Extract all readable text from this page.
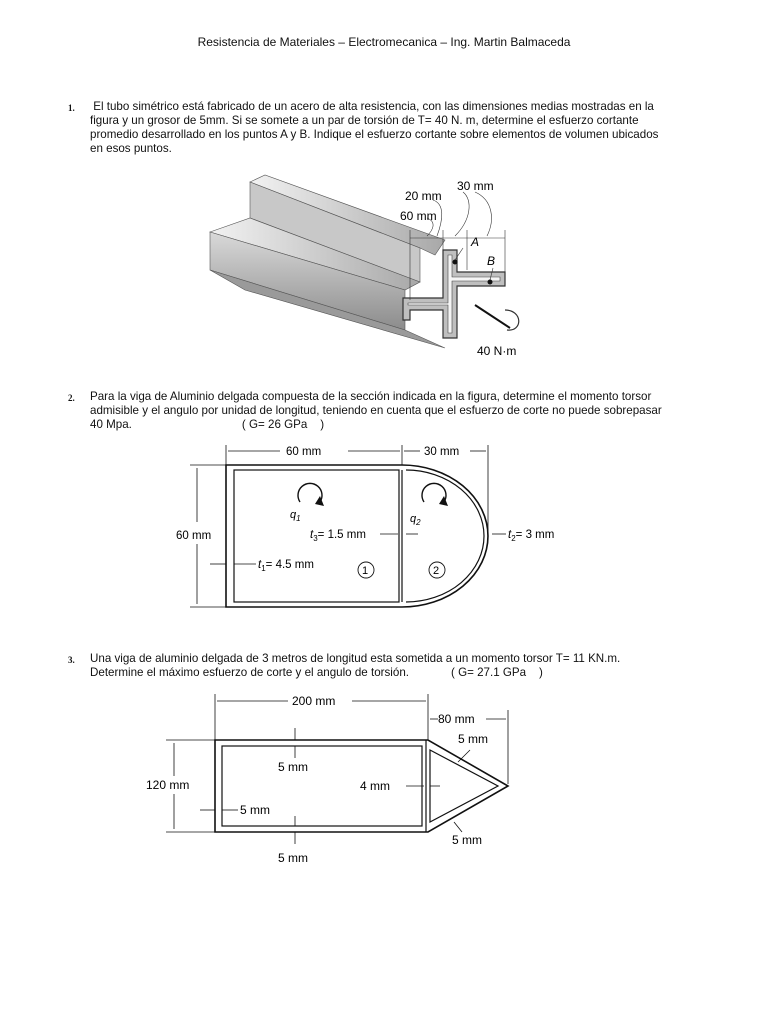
Resistencia de Materiales – Electromecanica – Ing. Martin Balmaceda
1. El tubo simétrico está fabricado de un acero de alta resistencia, con las dimensiones medias mostradas en la

figura y un grosor de 5mm. Si se somete a un par de torsión de T= 40 N. m, determine el esfuerzo cortante

promedio desarrollado en los puntos A y B. Indique el esfuerzo cortante sobre elementos de volumen ubicados

en esos puntos.

30 mm
20 mm
60 mm
A
B
40 N·m
2. Para la viga de Aluminio delgada compuesta de la sección indicada en la figura, determine el momento torsor

admisible y el angulo por unidad de longitud, teniendo en cuenta que el esfuerzo de corte no puede sobrepasar

40 Mpa.	( G= 26 GPa    )

60 mm	30 mm
60 mm
$q_1$	$q_2$
$t_3= 1.5$ mm	$t_2= 3$ mm
$t_1= 4.5$ mm	1	2
3. Una viga de aluminio delgada de 3 metros de longitud esta sometida a un momento torsor T= 11 KN.m.

Determine el máximo esfuerzo de corte y el angulo de torsión.	( G= 27.1 GPa    )

200 mm
80 mm
120 mm
5 mm
4 mm
5 mm
5 mm
5 mm
5 mm
